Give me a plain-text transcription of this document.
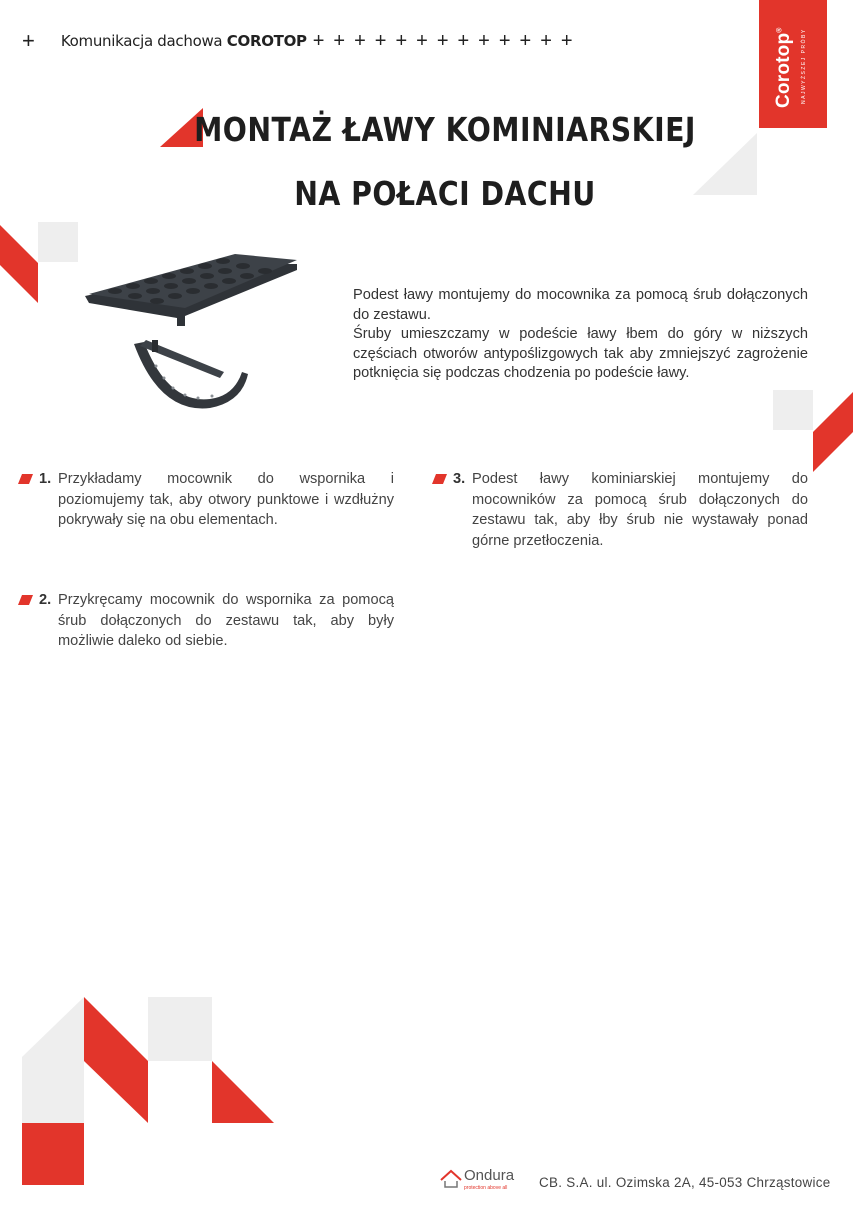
+ Komunikacja dachowa COROTOP +++++++++++++	Corotop®	NAJWYŻSZEJ PRÓBY
MONTAŻ ŁAWY KOMINIARSKIEJ
NA POŁACI DACHU

Podest ławy montujemy do mocownika za pomocą śrub dołączonych do zestawu.

Śruby umieszczamy w podeście ławy łbem do góry w niższych częściach otworów antypoślizgowych tak aby zmniejszyć zagrożenie potknięcia się podczas chodzenia po podeście ławy.

1. Przykładamy mocownik do wspornika i poziomujemy tak, aby otwory punktowe i wzdłużny pokrywały się na obu elementach.
2. Przykręcamy mocownik do wspornika za pomocą śrub dołączonych do zestawu tak, aby były możliwie daleko od siebie.
3. Podest ławy kominiarskiej montujemy do mocowników za pomocą śrub dołączonych do zestawu tak, aby łby śrub nie wystawały ponad górne przetłoczenia.
Ondura
protection above all CB. S.A. ul. Ozimska 2A, 45-053 Chrząstowice
